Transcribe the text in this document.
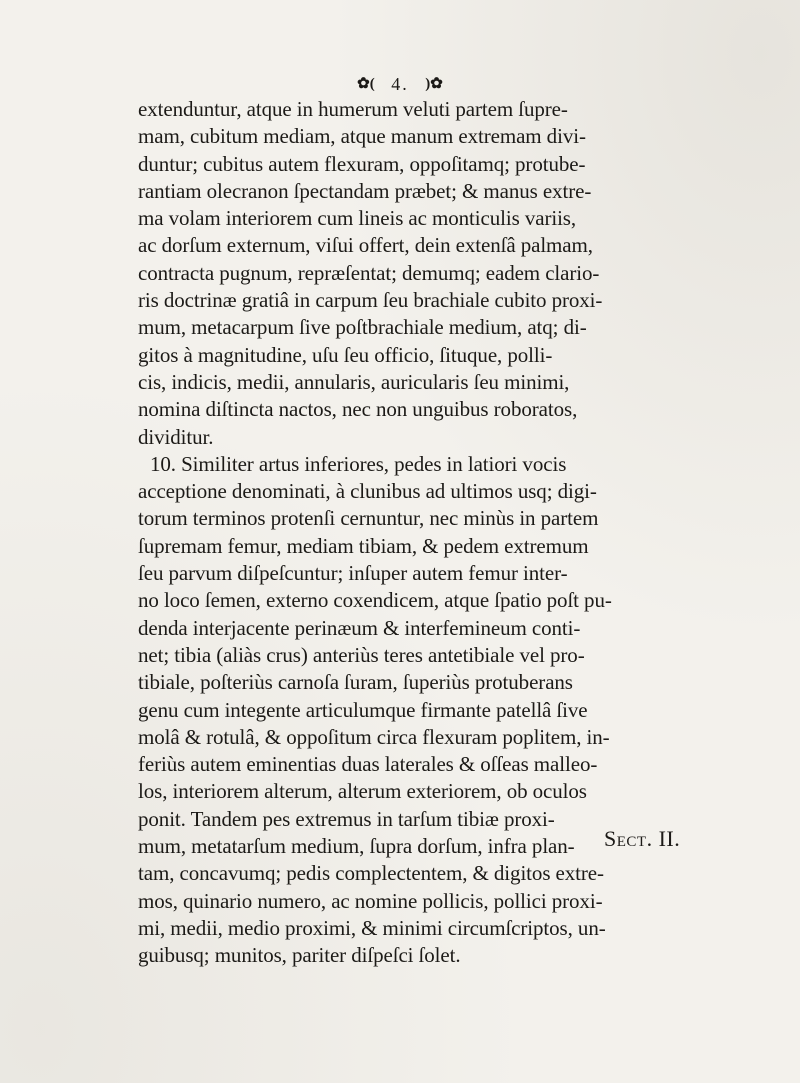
✿( 4. )✿
extenduntur, atque in humerum veluti partem ſupre-
mam, cubitum mediam, atque manum extremam divi-
duntur; cubitus autem flexuram, oppoſitamq; protube-
rantiam olecranon ſpectandam præbet; & manus extre-
ma volam interiorem cum lineis ac monticulis variis,
ac dorſum externum, viſui offert, dein extenſâ palmam,
contracta pugnum, repræſentat; demumq; eadem clario-
ris doctrinæ gratiâ in carpum ſeu brachiale cubito proxi-
mum, metacarpum ſive poſtbrachiale medium, atq; di-
gitos à magnitudine, uſu ſeu officio, ſituque, polli-
cis, indicis, medii, annularis, auricularis ſeu minimi,
nomina diſtincta nactos, nec non unguibus roboratos,
dividitur.
10. Similiter artus inferiores, pedes in latiori vocis
acceptione denominati, à clunibus ad ultimos usq; digi-
torum terminos protenſi cernuntur, nec minùs in partem
ſupremam femur, mediam tibiam, & pedem extremum
ſeu parvum diſpeſcuntur; inſuper autem femur inter-
no loco ſemen, externo coxendicem, atque ſpatio poſt pu-
denda interjacente perinæum & interfemineum conti-
net; tibia (aliàs crus) anteriùs teres antetibiale vel pro-
tibiale, poſteriùs carnoſa ſuram, ſuperiùs protuberans
genu cum integente articulumque firmante patellâ ſive
molâ & rotulâ, & oppoſitum circa flexuram poplitem, in-
feriùs autem eminentias duas laterales & oſſeas malleo-
los, interiorem alterum, alterum exteriorem, ob oculos
ponit. Tandem pes extremus in tarſum tibiæ proxi-
mum, metatarſum medium, ſupra dorſum, infra plan-
tam, concavumq; pedis complectentem, & digitos extre-
mos, quinario numero, ac nomine pollicis, pollici proxi-
mi, medii, medio proximi, & minimi circumſcriptos, un-
guibusq; munitos, pariter diſpeſci ſolet.
Sect. II.
